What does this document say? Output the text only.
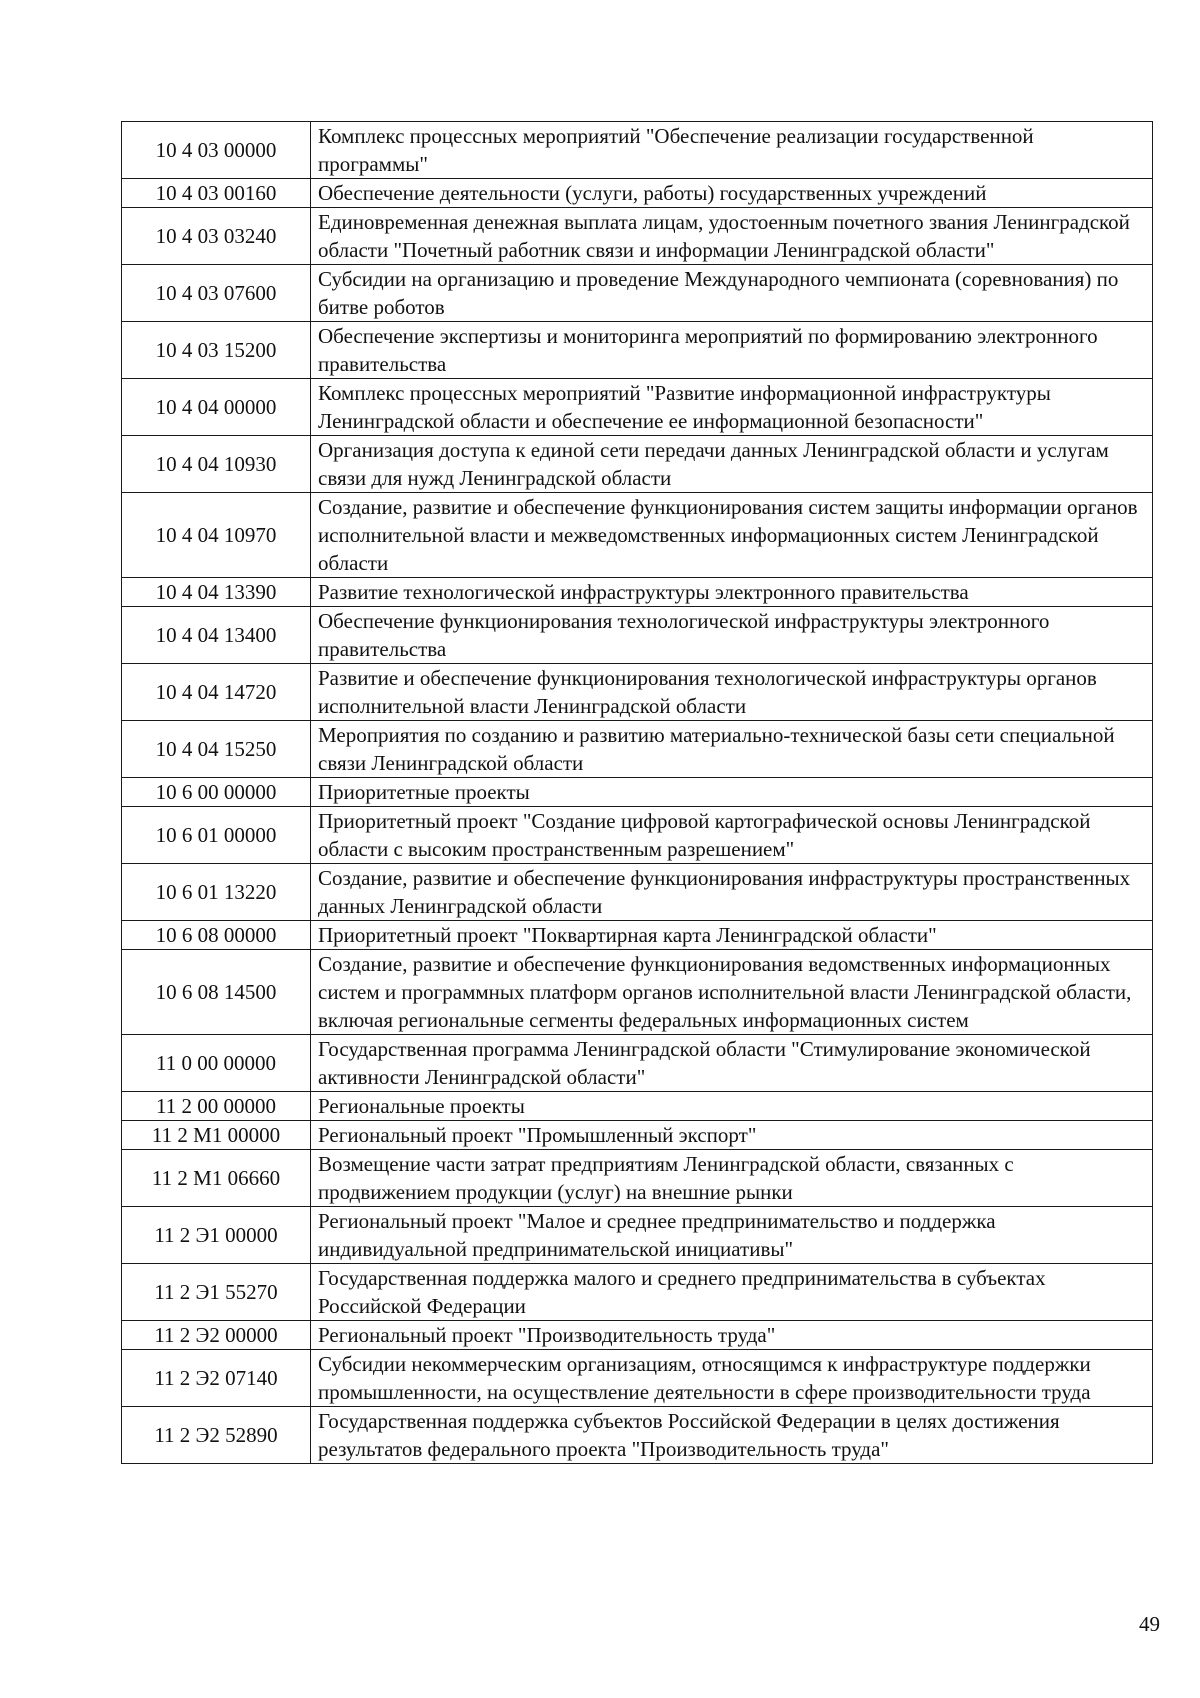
10 4 03 00000	Комплекс процессных мероприятий "Обеспечение реализации государственной программы"
10 4 03 00160	Обеспечение деятельности (услуги, работы) государственных учреждений
10 4 03 03240	Единовременная денежная выплата лицам, удостоенным почетного звания Ленинградской области "Почетный работник связи и информации Ленинградской области"
10 4 03 07600	Субсидии на организацию и проведение Международного чемпионата (соревнования) по битве роботов
10 4 03 15200	Обеспечение экспертизы и мониторинга мероприятий по формированию электронного правительства
10 4 04 00000	Комплекс процессных мероприятий "Развитие информационной инфраструктуры Ленинградской области и обеспечение ее информационной безопасности"
10 4 04 10930	Организация доступа к единой сети передачи данных Ленинградской области и услугам связи для нужд Ленинградской области
10 4 04 10970	Создание, развитие и обеспечение функционирования систем защиты информации органов исполнительной власти и межведомственных информационных систем Ленинградской области
10 4 04 13390	Развитие технологической инфраструктуры электронного правительства
10 4 04 13400	Обеспечение функционирования технологической инфраструктуры электронного правительства
10 4 04 14720	Развитие и обеспечение функционирования технологической инфраструктуры органов исполнительной власти Ленинградской области
10 4 04 15250	Мероприятия по созданию и развитию материально-технической базы сети специальной связи Ленинградской области
10 6 00 00000	Приоритетные проекты
10 6 01 00000	Приоритетный проект "Создание цифровой картографической основы Ленинградской области с высоким пространственным разрешением"
10 6 01 13220	Создание, развитие и обеспечение функционирования инфраструктуры пространственных данных Ленинградской области
10 6 08 00000	Приоритетный проект "Поквартирная карта Ленинградской области"
10 6 08 14500	Создание, развитие и обеспечение функционирования ведомственных информационных систем и программных платформ органов исполнительной власти Ленинградской области, включая региональные сегменты федеральных информационных систем
11 0 00 00000	Государственная программа Ленинградской области "Стимулирование экономической активности Ленинградской области"
11 2 00 00000	Региональные проекты
11 2 M1 00000	Региональный проект "Промышленный экспорт"
11 2 M1 06660	Возмещение части затрат предприятиям Ленинградской области, связанных с продвижением продукции (услуг) на внешние рынки
11 2 Э1 00000	Региональный проект "Малое и среднее предпринимательство и поддержка индивидуальной предпринимательской инициативы"
11 2 Э1 55270	Государственная поддержка малого и среднего предпринимательства в субъектах Российской Федерации
11 2 Э2 00000	Региональный проект "Производительность труда"
11 2 Э2 07140	Субсидии некоммерческим организациям, относящимся к инфраструктуре поддержки промышленности, на осуществление деятельности в сфере производительности труда
11 2 Э2 52890	Государственная поддержка субъектов Российской Федерации в целях достижения результатов федерального проекта "Производительность труда"
49
